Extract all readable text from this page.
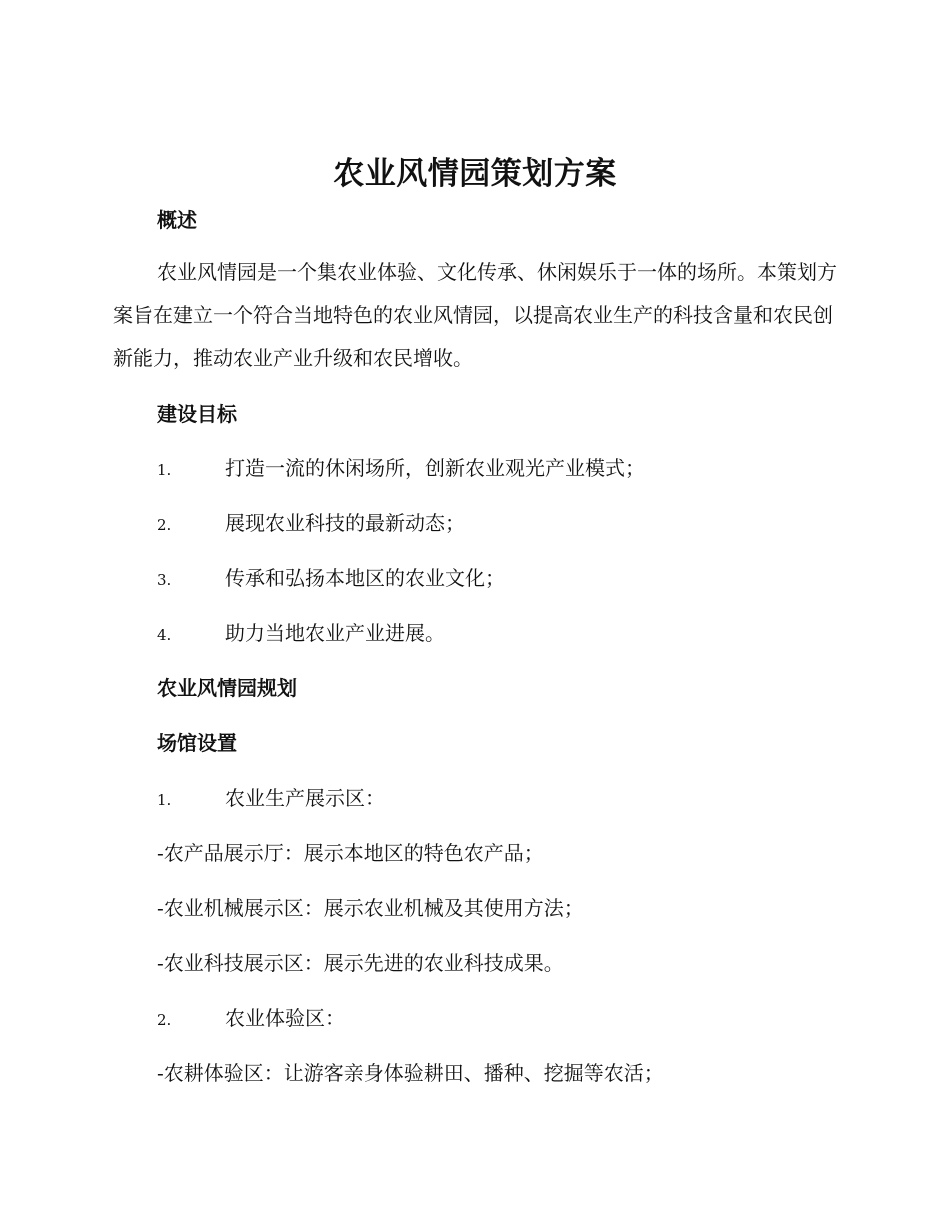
农业风情园策划方案
概述
农业风情园是一个集农业体验、文化传承、休闲娱乐于一体的场所。本策划方案旨在建立一个符合当地特色的农业风情园，以提高农业生产的科技含量和农民创新能力，推动农业产业升级和农民增收。
建设目标
1.	打造一流的休闲场所，创新农业观光产业模式；
2.	展现农业科技的最新动态；
3.	传承和弘扬本地区的农业文化；
4.	助力当地农业产业进展。
农业风情园规划
场馆设置
1.	农业生产展示区：
-农产品展示厅：展示本地区的特色农产品；
-农业机械展示区：展示农业机械及其使用方法；
-农业科技展示区：展示先进的农业科技成果。
2.	农业体验区：
-农耕体验区：让游客亲身体验耕田、播种、挖掘等农活；
